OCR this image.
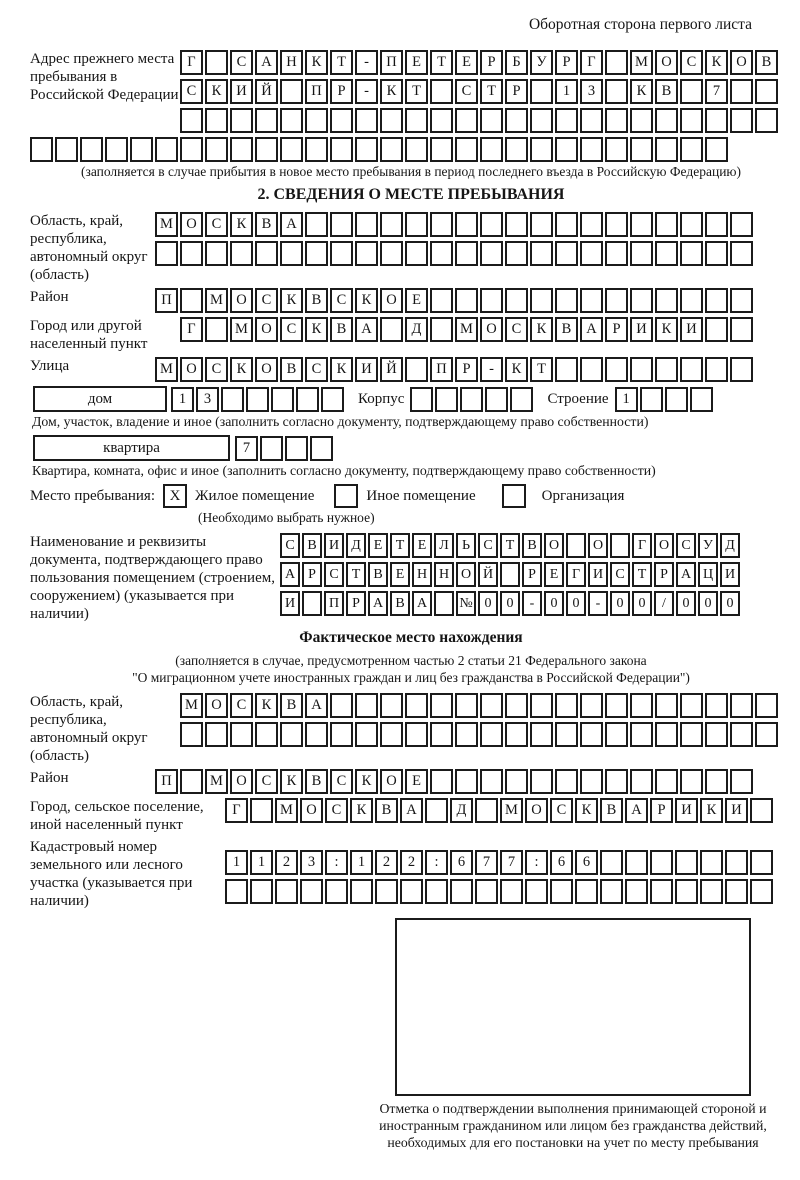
Оборотная сторона первого листа
Адрес прежнего места пребывания в Российской Федерации
Г	С	А	Н	К	Т	-	П	Е	Т	Е	Р	Б	У	Р	Г	М О	С	К	О	В
С	К	И	Й	П	Р	-	К	Т	С	Т	Р	1	3	К	В	7
(заполняется в случае прибытия в новое место пребывания в период последнего въезда в Российскую Федерацию)
2. СВЕДЕНИЯ О МЕСТЕ ПРЕБЫВАНИЯ
Область, край, республика, автономный округ (область)
М О	С	К	В	А
Район	П	М О	С	К	В	С	К	О	Е
Город или другой населенный пункт
Г	М О	С	К	В	А	Д	М О	С	К	В	А	Р	И	К	И
Улица	М О	С	К	О	В	С	К	И	Й	П	Р	-	К	Т
дом	1	3	Корпус	Строение 1
Дом, участок, владение и иное (заполнить согласно документу, подтверждающему право собственности)
квартира	7
Квартира, комната, офис и иное (заполнить согласно документу, подтверждающему право собственности)
Место пребывания: X Жилое помещение	Иное помещение	Организация
(Необходимо выбрать нужное)
Наименование и реквизиты документа, подтверждающего право пользования помещением (строением, сооружением) (указывается при наличии)
С В И Д Е Т Е Л Ь С Т В О	О	Г О С У Д
А Р С Т В Е Н Н О Й	Р Е Г И С Т Р А Ц И
И	П Р А В А	№ 0	0	-	0	0	-	0	0	/	0	0	0
Фактическое место нахождения
(заполняется в случае, предусмотренном частью 2 статьи 21 Федерального закона
"О миграционном учете иностранных граждан и лиц без гражданства в Российской Федерации")
Область, край, республика, автономный округ (область)
М О	С	К	В	А
Район	П	М О	С	К	В	С	К	О	Е
Город, сельское поселение, иной населенный пункт
Г	М О	С	К	В	А	Д	М О	С	К	В	А	Р	И	К	И
Кадастровый номер земельного или лесного участка (указывается при наличии)
1	1	2	3	:	1	2	2	:	6	7	7	:	6	6
Отметка о подтверждении выполнения принимающей стороной и иностранным гражданином или лицом без гражданства действий, необходимых для его постановки на учет по месту пребывания
